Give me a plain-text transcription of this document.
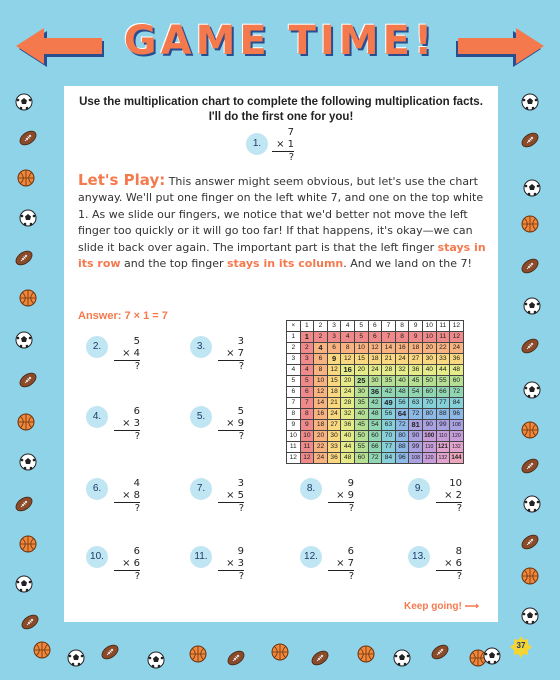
GAME TIME!
Use the multiplication chart to complete the following multiplication facts. I'll do the first one for you!
1.
7
× 1
?
Let's Play: This answer might seem obvious, but let's use the chart anyway. We'll put one finger on the left white 7, and one on the top white 1. As we slide our fingers, we notice that we'd better not move the left finger too quickly or it will go too far! If that happens, it's okay—we can slide it back over again. The important part is that the left finger stays in its row and the top finger stays in its column. And we land on the 7!
Answer: 7 × 1 = 7
2.	5
× 4
?
3.	3
× 7
?
4.	6
× 3
?
5.	5
× 9
?
6.	4
× 8
?
7.	3
× 5
?
8.	9
× 9
?
9.	10
× 2
?
10.	6
× 6
?
11.	9
× 3
?
12.	6
× 7
?
13.	8
× 6
?
×	1	2	3	4	5	6	7	8	9	10	11	12
1	1	2	3	4	5	6	7	8	9	10	11	12
2	2	4	6	8	10	12	14	16	18	20	22	24
3	3	6	9	12	15	18	21	24	27	30	33	36
4	4	8	12	16	20	24	28	32	36	40	44	48
5	5	10	15	20	25	30	35	40	45	50	55	60
6	6	12	18	24	30	36	42	48	54	60	66	72
7	7	14	21	28	35	42	49	56	63	70	77	84
8	8	16	24	32	40	48	56	64	72	80	88	96
9	9	18	27	36	45	54	63	72	81	90	99	108
10	10	20	30	40	50	60	70	80	90	100	110	120
11	11	22	33	44	55	66	77	88	99	110	121	132
12	12	24	36	48	60	72	84	96	108	120	132	144
Keep going! ⟶
37
